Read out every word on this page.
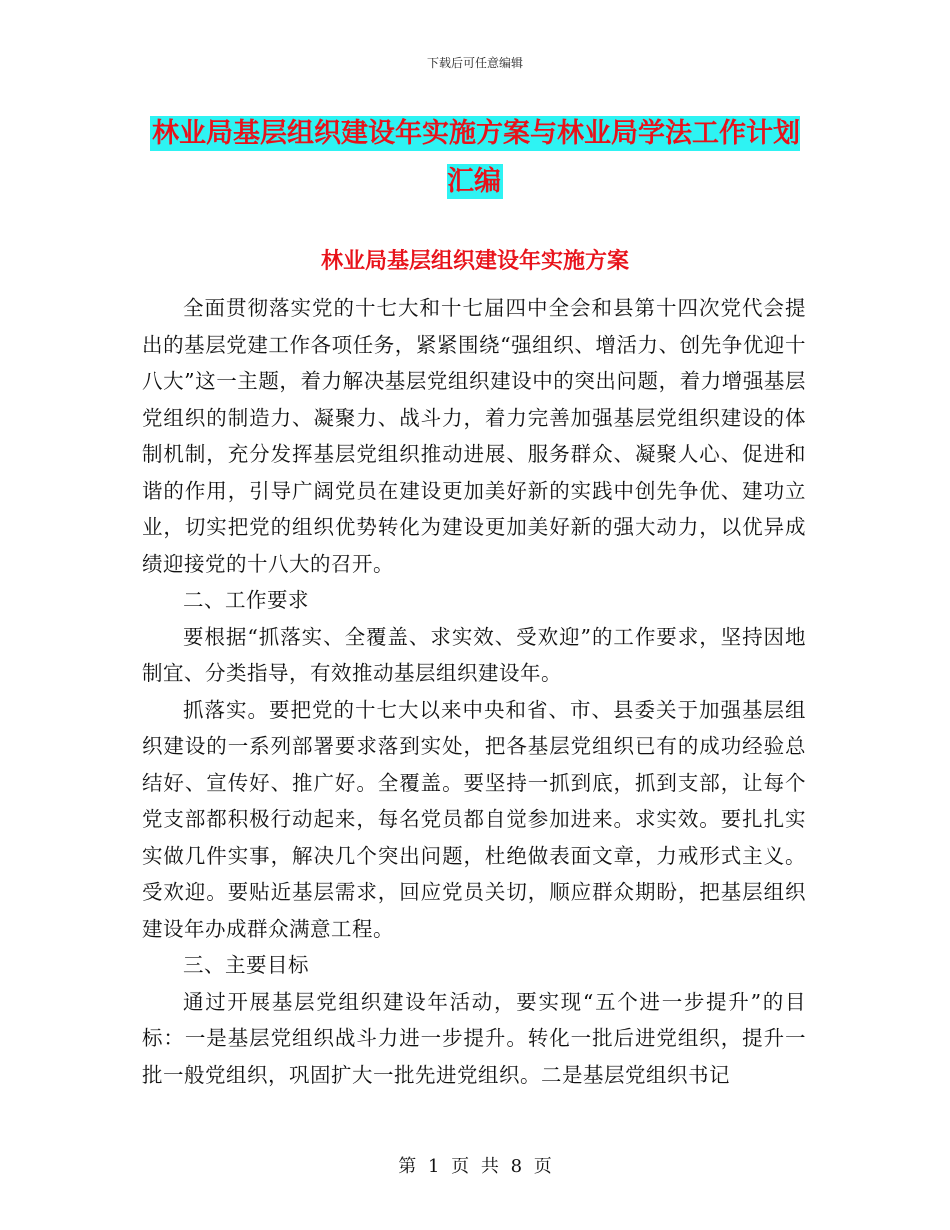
下载后可任意编辑
林业局基层组织建设年实施方案与林业局学法工作计划汇编
林业局基层组织建设年实施方案

全面贯彻落实党的十七大和十七届四中全会和县第十四次党代会提出的基层党建工作各项任务，紧紧围绕“强组织、增活力、创先争优迎十八大”这一主题，着力解决基层党组织建设中的突出问题，着力增强基层党组织的制造力、凝聚力、战斗力，着力完善加强基层党组织建设的体制机制，充分发挥基层党组织推动进展、服务群众、凝聚人心、促进和谐的作用，引导广阔党员在建设更加美好新的实践中创先争优、建功立业，切实把党的组织优势转化为建设更加美好新的强大动力，以优异成绩迎接党的十八大的召开。

二、工作要求

要根据“抓落实、全覆盖、求实效、受欢迎”的工作要求，坚持因地制宜、分类指导，有效推动基层组织建设年。

抓落实。要把党的十七大以来中央和省、市、县委关于加强基层组织建设的一系列部署要求落到实处，把各基层党组织已有的成功经验总结好、宣传好、推广好。全覆盖。要坚持一抓到底，抓到支部，让每个党支部都积极行动起来，每名党员都自觉参加进来。求实效。要扎扎实实做几件实事，解决几个突出问题，杜绝做表面文章，力戒形式主义。受欢迎。要贴近基层需求，回应党员关切，顺应群众期盼，把基层组织建设年办成群众满意工程。

三、主要目标

通过开展基层党组织建设年活动，要实现“五个进一步提升”的目标：一是基层党组织战斗力进一步提升。转化一批后进党组织，提升一批一般党组织，巩固扩大一批先进党组织。二是基层党组织书记

第 1 页 共 8 页
